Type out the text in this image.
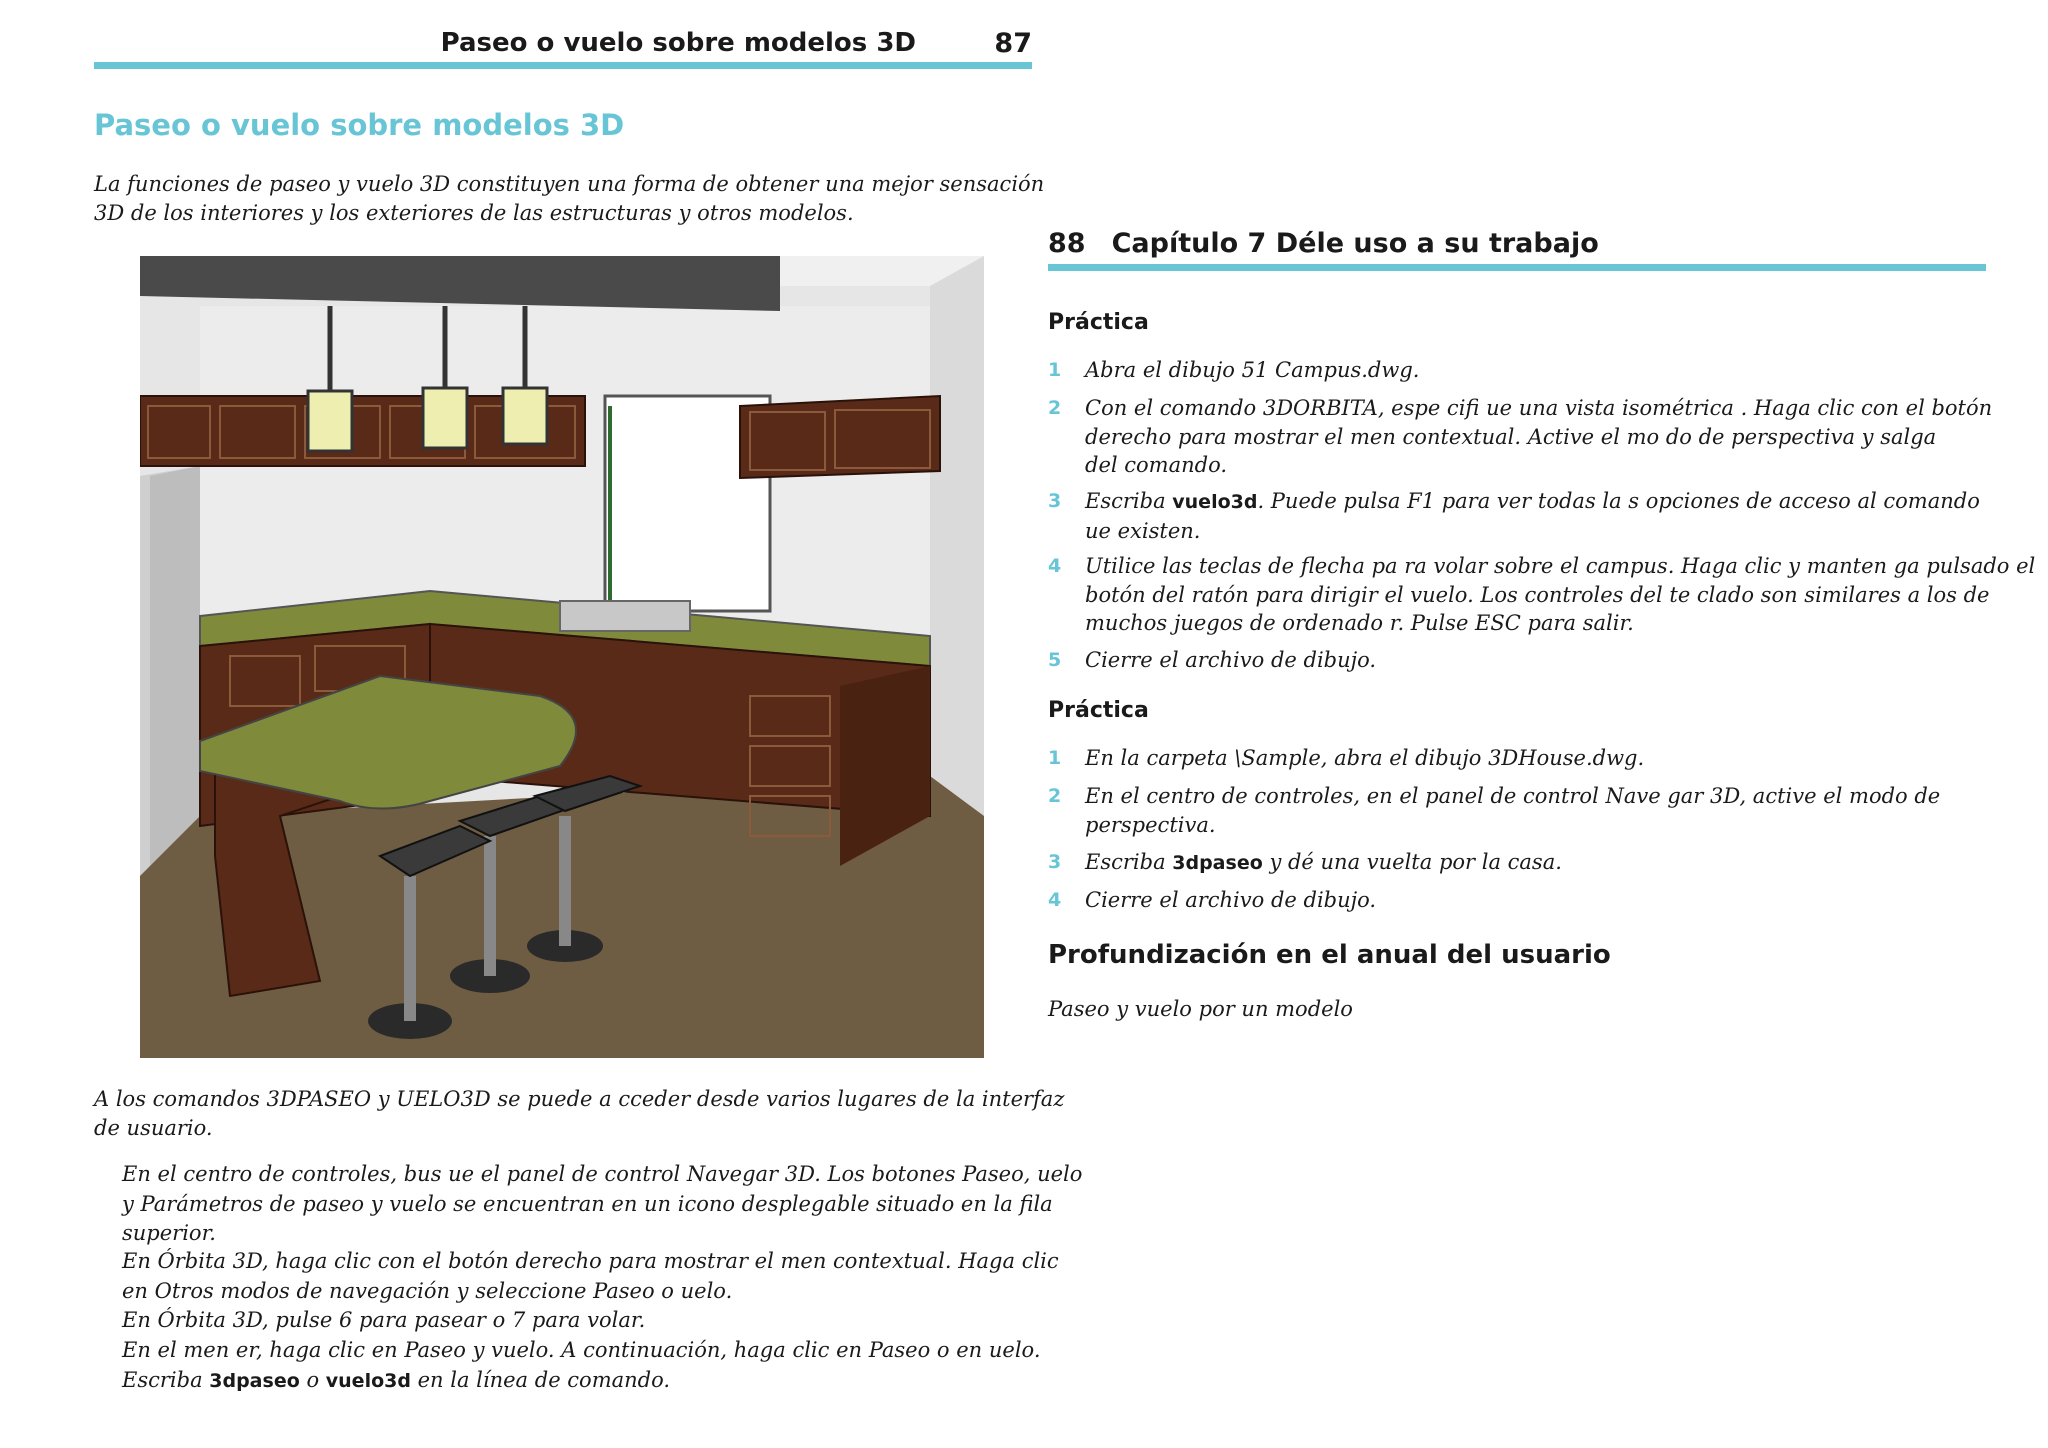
Paseo o vuelo sobre modelos 3D	87
Paseo o vuelo sobre modelos 3D
La funciones de paseo y vuelo 3D constituyen una forma de obtener una mejor sensación
3D de los interiores y los exteriores de las estructuras y otros modelos.
A los comandos 3DPASEO y UELO3D se puede a cceder desde varios lugares de la interfaz
de usuario.
En el centro de controles, bus ue el panel de control Navegar 3D. Los botones Paseo, uelo
y Parámetros de paseo y vuelo se encuentran en un icono desplegable situado en la fila
superior.
En Órbita 3D, haga clic con el botón derecho para mostrar el men contextual. Haga clic
en Otros modos de navegación y seleccione Paseo o uelo.
En Órbita 3D, pulse 6 para pasear o 7 para volar.
En el men er, haga clic en Paseo y vuelo. A continuación, haga clic en Paseo o en uelo.
Escriba 3dpaseo o vuelo3d en la línea de comando.
88 Capítulo 7 Déle uso a su trabajo
Práctica
1 Abra el dibujo 51 Campus.dwg.
2 Con el comando 3DORBITA, espe cifi ue una vista isométrica . Haga clic con el botón
derecho para mostrar el men contextual. Active el mo do de perspectiva y salga
del comando.
3 Escriba vuelo3d. Puede pulsa F1 para ver todas la s opciones de acceso al comando
ue existen.
4 Utilice las teclas de flecha pa ra volar sobre el campus. Haga clic y manten ga pulsado el
botón del ratón para dirigir el vuelo. Los controles del te clado son similares a los de
muchos juegos de ordenado r. Pulse ESC para salir.
5 Cierre el archivo de dibujo.
Práctica
1 En la carpeta \Sample, abra el dibujo 3DHouse.dwg.
2 En el centro de controles, en el panel de control Nave gar 3D, active el modo de
perspectiva.
3 Escriba 3dpaseo y dé una vuelta por la casa.
4 Cierre el archivo de dibujo.
Profundización en el anual del usuario
Paseo y vuelo por un modelo
